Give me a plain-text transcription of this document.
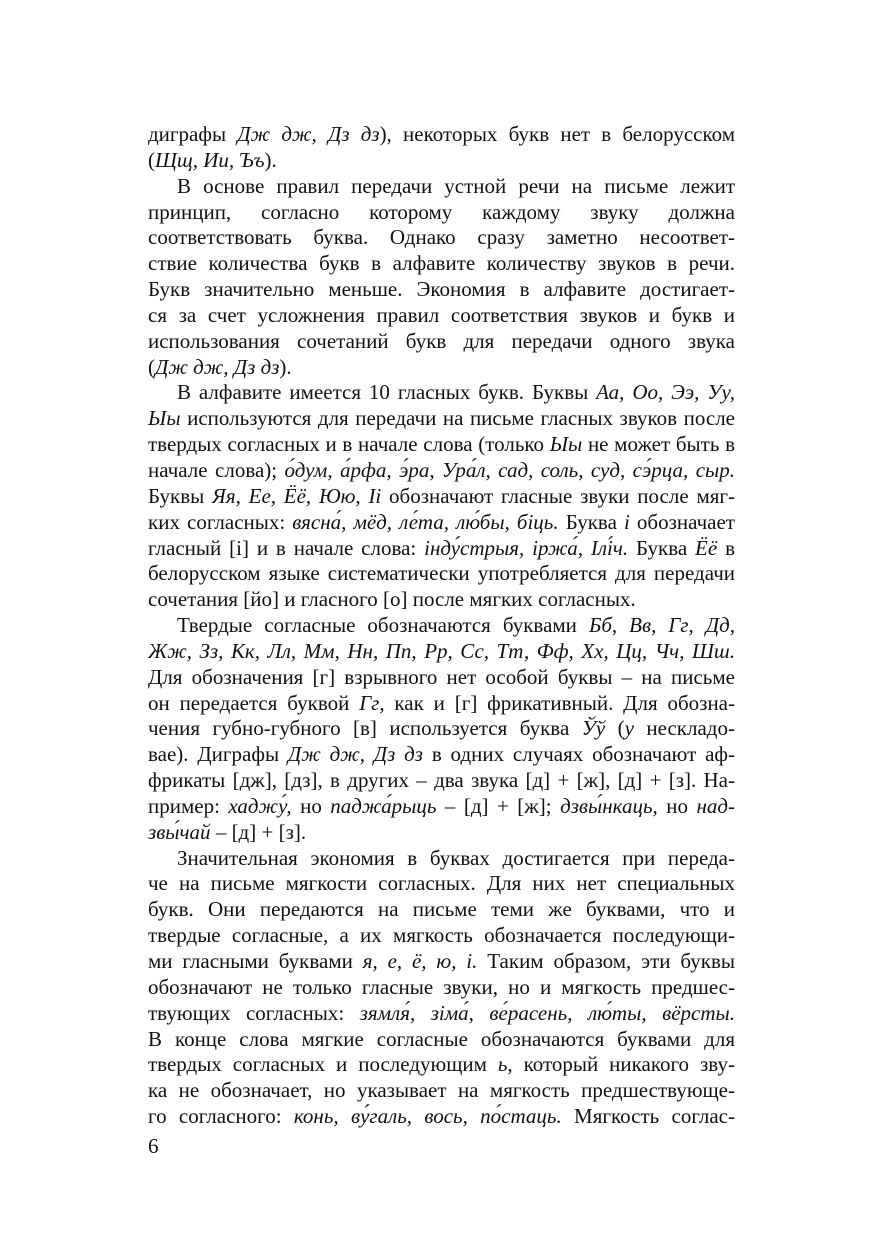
диграфы Дж дж, Дз дз), некоторых букв нет в белорусском
(Щщ, Ии, Ъъ).
В основе правил передачи устной речи на письме лежит
принцип, согласно которому каждому звуку должна
соответствовать буква. Однако сразу заметно несоответ-
ствие количества букв в алфавите количеству звуков в речи.
Букв значительно меньше. Экономия в алфавите достигает-
ся за счет усложнения правил соответствия звуков и букв и
использования сочетаний букв для передачи одного звука
(Дж дж, Дз дз).
В алфавите имеется 10 гласных букв. Буквы Аа, Оо, Ээ, Уу,
Ыы используются для передачи на письме гласных звуков после
твердых согласных и в начале слова (только Ыы не может быть в
начале слова); о́дум, а́рфа, э́ра, Ура́л, сад, соль, суд, сэ́рца, сыр.
Буквы Яя, Ее, Ёё, Юю, Іі обозначают гласные звуки после мяг-
ких согласных: вясна́, мёд, ле́та, лю́бы, біць. Буква і обозначает
гласный [і] и в начале слова: інду́стрыя, іржа́, Ілі́ч. Буква Ёё в
белорусском языке систематически употребляется для передачи
сочетания [йо] и гласного [о] после мягких согласных.
Твердые согласные обозначаются буквами Бб, Вв, Гг, Дд,
Жж, Зз, Кк, Лл, Мм, Нн, Пп, Рр, Сс, Тт, Фф, Хх, Цц, Чч, Шш.
Для обозначения [г] взрывного нет особой буквы – на письме
он передается буквой Гг, как и [г] фрикативный. Для обозна-
чения губно-губного [в] используется буква Ўў (у нескладо-
вае). Диграфы Дж дж, Дз дз в одних случаях обозначают аф-
фрикаты [дж], [дз], в других – два звука [д] + [ж], [д] + [з]. На-
пример: хаджу́, но паджа́рыць – [д] + [ж]; дзвы́нкаць, но над-
звы́чай – [д] + [з].
Значительная экономия в буквах достигается при переда-
че на письме мягкости согласных. Для них нет специальных
букв. Они передаются на письме теми же буквами, что и
твердые согласные, а их мягкость обозначается последующи-
ми гласными буквами я, е, ё, ю, і. Таким образом, эти буквы
обозначают не только гласные звуки, но и мягкость предшес-
твующих согласных: зямля́, зіма́, ве́расень, лю́ты, вёрсты.
В конце слова мягкие согласные обозначаются буквами для
твердых согласных и последующим ь, который никакого зву-
ка не обозначает, но указывает на мягкость предшествующе-
го согласного: конь, ву́галь, вось, по́стаць. Мягкость соглас-
6
